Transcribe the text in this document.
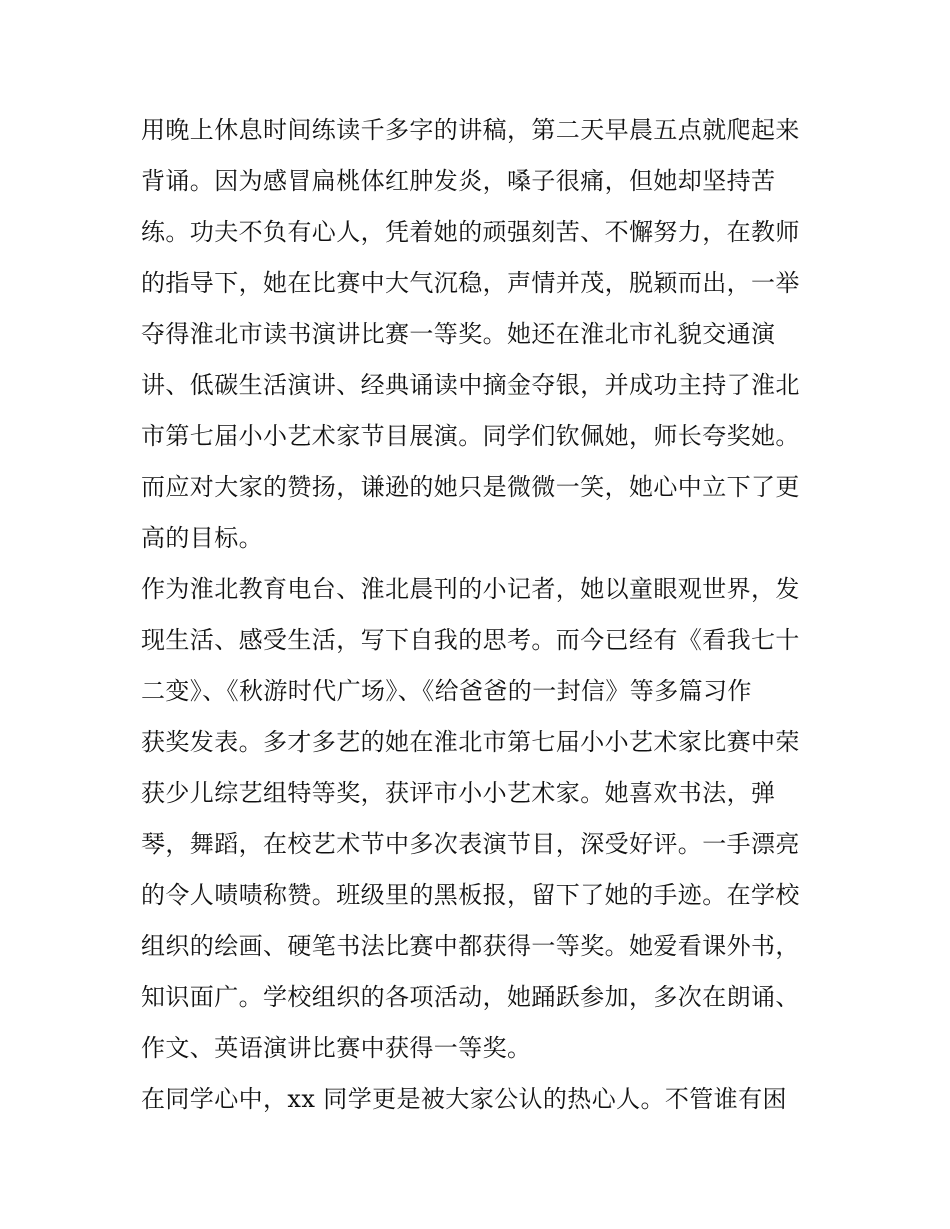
用晚上休息时间练读千多字的讲稿，第二天早晨五点就爬起来
背诵。因为感冒扁桃体红肿发炎，嗓子很痛，但她却坚持苦
练。功夫不负有心人，凭着她的顽强刻苦、不懈努力，在教师
的指导下，她在比赛中大气沉稳，声情并茂，脱颖而出，一举
夺得淮北市读书演讲比赛一等奖。她还在淮北市礼貌交通演
讲、低碳生活演讲、经典诵读中摘金夺银，并成功主持了淮北
市第七届小小艺术家节目展演。同学们钦佩她，师长夸奖她。
而应对大家的赞扬，谦逊的她只是微微一笑，她心中立下了更
高的目标。
作为淮北教育电台、淮北晨刊的小记者，她以童眼观世界，发
现生活、感受生活，写下自我的思考。而今已经有《看我七十
二变》、《秋游时代广场》、《给爸爸的一封信》等多篇习作
获奖发表。多才多艺的她在淮北市第七届小小艺术家比赛中荣
获少儿综艺组特等奖，获评市小小艺术家。她喜欢书法，弹
琴，舞蹈，在校艺术节中多次表演节目，深受好评。一手漂亮
的令人啧啧称赞。班级里的黑板报，留下了她的手迹。在学校
组织的绘画、硬笔书法比赛中都获得一等奖。她爱看课外书，
知识面广。学校组织的各项活动，她踊跃参加，多次在朗诵、
作文、英语演讲比赛中获得一等奖。
在同学心中，xx 同学更是被大家公认的热心人。不管谁有困
